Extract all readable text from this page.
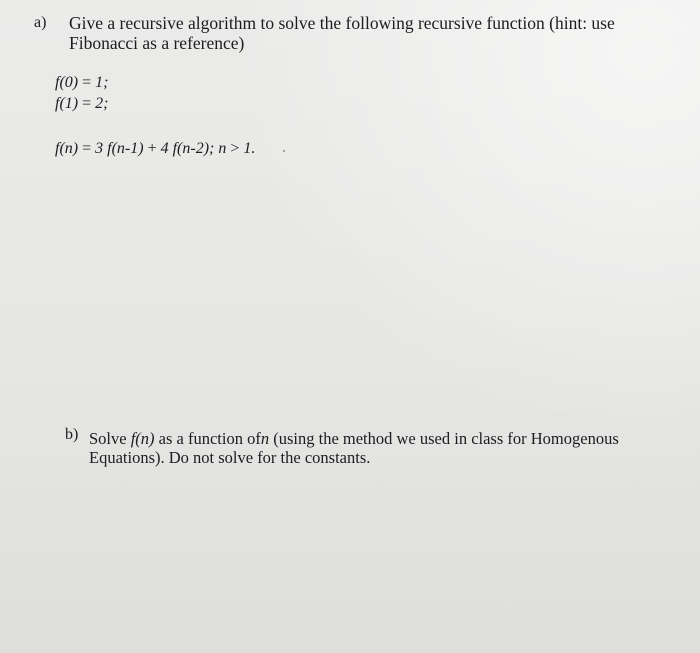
a) Give a recursive algorithm to solve the following recursive function (hint: use
Fibonacci as a reference)
f(0) = 1;
f(1) = 2;
f(n) = 3 f(n-1) + 4 f(n-2); n > 1.
b) Solve f(n) as a function ofn (using the method we used in class for Homogenous
Equations). Do not solve for the constants.
